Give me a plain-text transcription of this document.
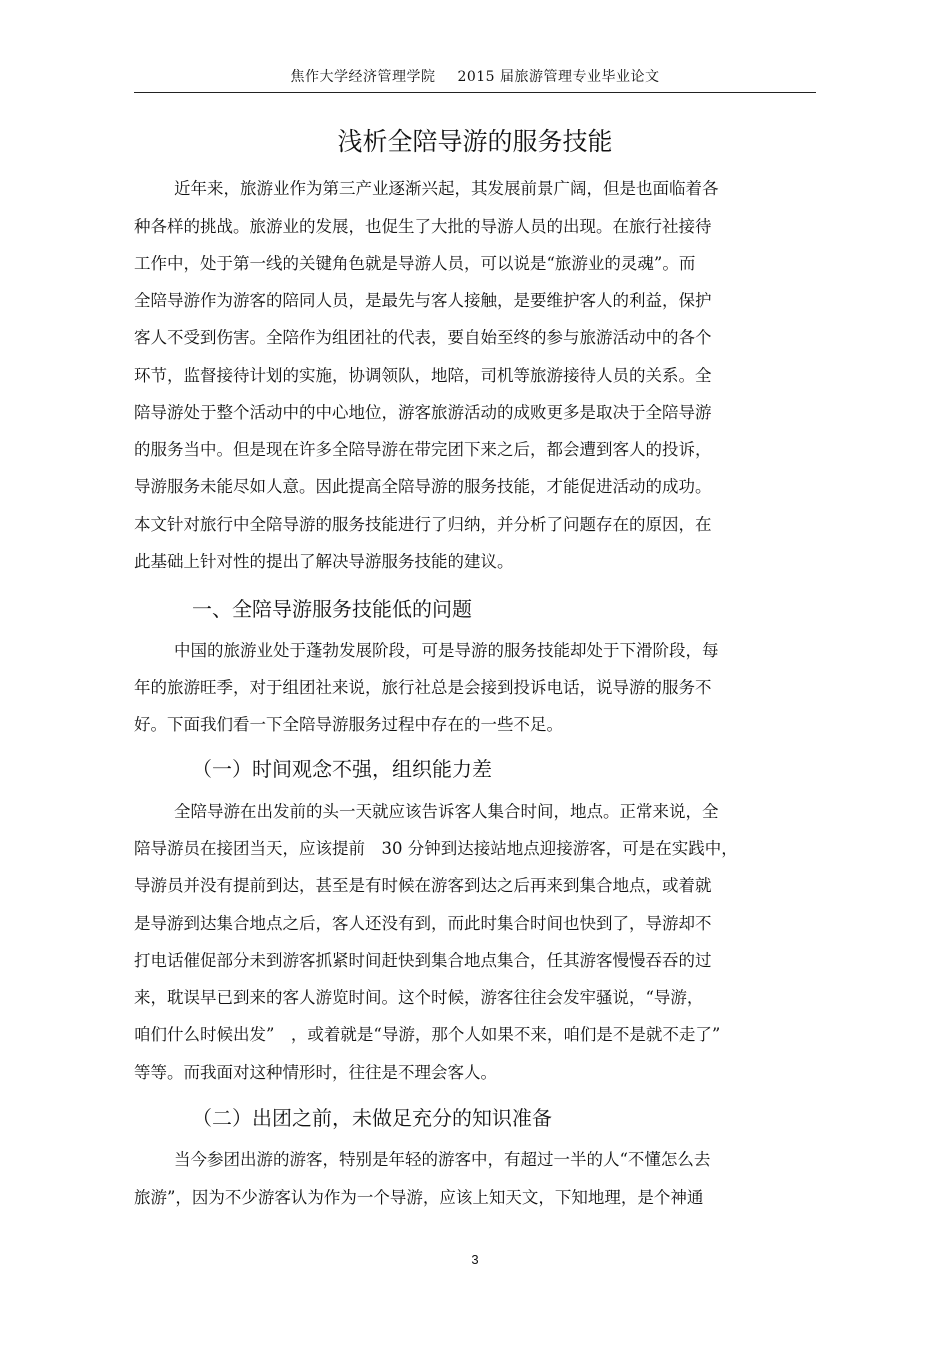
焦作大学经济管理学院 2015 届旅游管理专业毕业论文
浅析全陪导游的服务技能
近年来，旅游业作为第三产业逐渐兴起，其发展前景广阔，但是也面临着各
种各样的挑战。旅游业的发展，也促生了大批的导游人员的出现。在旅行社接待
工作中，处于第一线的关键角色就是导游人员，可以说是“旅游业的灵魂”。而
全陪导游作为游客的陪同人员，是最先与客人接触，是要维护客人的利益，保护
客人不受到伤害。全陪作为组团社的代表，要自始至终的参与旅游活动中的各个
环节，监督接待计划的实施，协调领队，地陪，司机等旅游接待人员的关系。全
陪导游处于整个活动中的中心地位，游客旅游活动的成败更多是取决于全陪导游
的服务当中。但是现在许多全陪导游在带完团下来之后，都会遭到客人的投诉，
导游服务未能尽如人意。因此提高全陪导游的服务技能，才能促进活动的成功。
本文针对旅行中全陪导游的服务技能进行了归纳，并分析了问题存在的原因，在
此基础上针对性的提出了解决导游服务技能的建议。
一、全陪导游服务技能低的问题
中国的旅游业处于蓬勃发展阶段，可是导游的服务技能却处于下滑阶段，每
年的旅游旺季，对于组团社来说，旅行社总是会接到投诉电话，说导游的服务不
好。下面我们看一下全陪导游服务过程中存在的一些不足。
（一）时间观念不强，组织能力差
全陪导游在出发前的头一天就应该告诉客人集合时间，地点。正常来说，全
陪导游员在接团当天，应该提前　30 分钟到达接站地点迎接游客，可是在实践中，
导游员并没有提前到达，甚至是有时候在游客到达之后再来到集合地点，或着就
是导游到达集合地点之后，客人还没有到，而此时集合时间也快到了，导游却不
打电话催促部分未到游客抓紧时间赶快到集合地点集合，任其游客慢慢吞吞的过
来，耽误早已到来的客人游览时间。这个时候，游客往往会发牢骚说，“导游，
咱们什么时候出发”　，或着就是“导游，那个人如果不来，咱们是不是就不走了”
等等。而我面对这种情形时，往往是不理会客人。
（二）出团之前，未做足充分的知识准备
当今参团出游的游客，特别是年轻的游客中，有超过一半的人“不懂怎么去
旅游”，因为不少游客认为作为一个导游，应该上知天文，下知地理，是个神通
3
